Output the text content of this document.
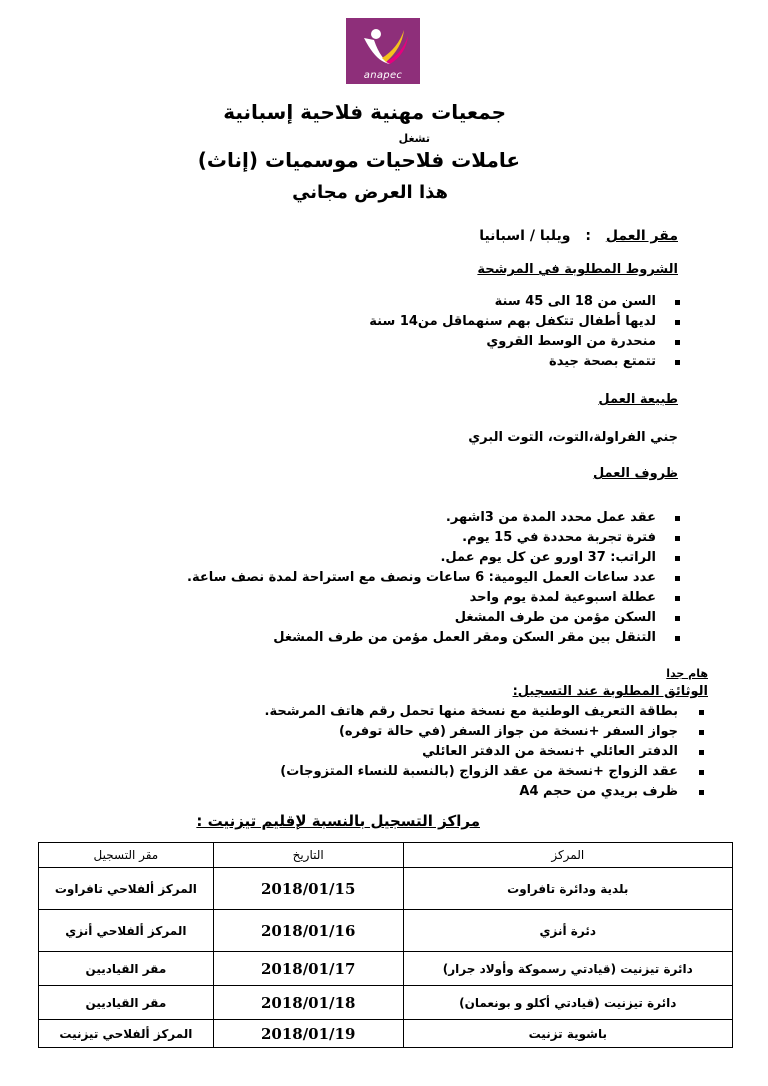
anapec
جمعيات مهنية فلاحية إسبانية
تشغل
عاملات فلاحيات موسميات (إناث)
هذا العرض مجاني
مقر العمل : ويلبا / اسبانيا
الشروط المطلوبة في المرشحة
السن من 18 الى 45 سنة
لديها أطفال تتكفل بهم سنهماقل من14 سنة
منحدرة من الوسط القروي
تتمتع بصحة جيدة
طبيعة العمل
جني الفراولة،التوت، التوت البري
ظروف العمل
عقد عمل محدد المدة من 3اشهر.
فترة تجربة محددة في 15 يوم.
الراتب: 37 اورو عن كل يوم عمل.
عدد ساعات العمل اليومية: 6 ساعات ونصف مع استراحة لمدة نصف ساعة.
عطلة اسبوعية لمدة يوم واحد
السكن مؤمن من طرف المشغل
التنقل بين مقر السكن ومقر العمل مؤمن من طرف المشغل
هام جدا
الوثائق المطلوبة عند التسجيل:
بطاقة التعريف الوطنية مع نسخة منها تحمل رقم هاتف المرشحة.
جواز السفر +نسخة من جواز السفر (في حالة توفره)
الدفتر العائلي +نسخة من الدفتر العائلي
عقد الزواج +نسخة من عقد الزواج (بالنسبة للنساء المتزوجات)
ظرف بريدي من حجم A4
مراكز التسجيل بالنسبة لإقليم تيزنيت :
المركز	التاريخ	مقر التسجيل
بلدية ودائرة تافراوت	2018/01/15	المركز ألفلاحي تافراوت
دئرة أنزي	2018/01/16	المركز ألفلاحي أنزي
دائرة تيزنيت (قيادتي رسموكة وأولاد جرار)	2018/01/17	مقر القياديين
دائرة تيزنيت (قيادتي أكلو و بونعمان)	2018/01/18	مقر القياديين
باشوية تزنيت	2018/01/19	المركز ألفلاحي تيزنيت
